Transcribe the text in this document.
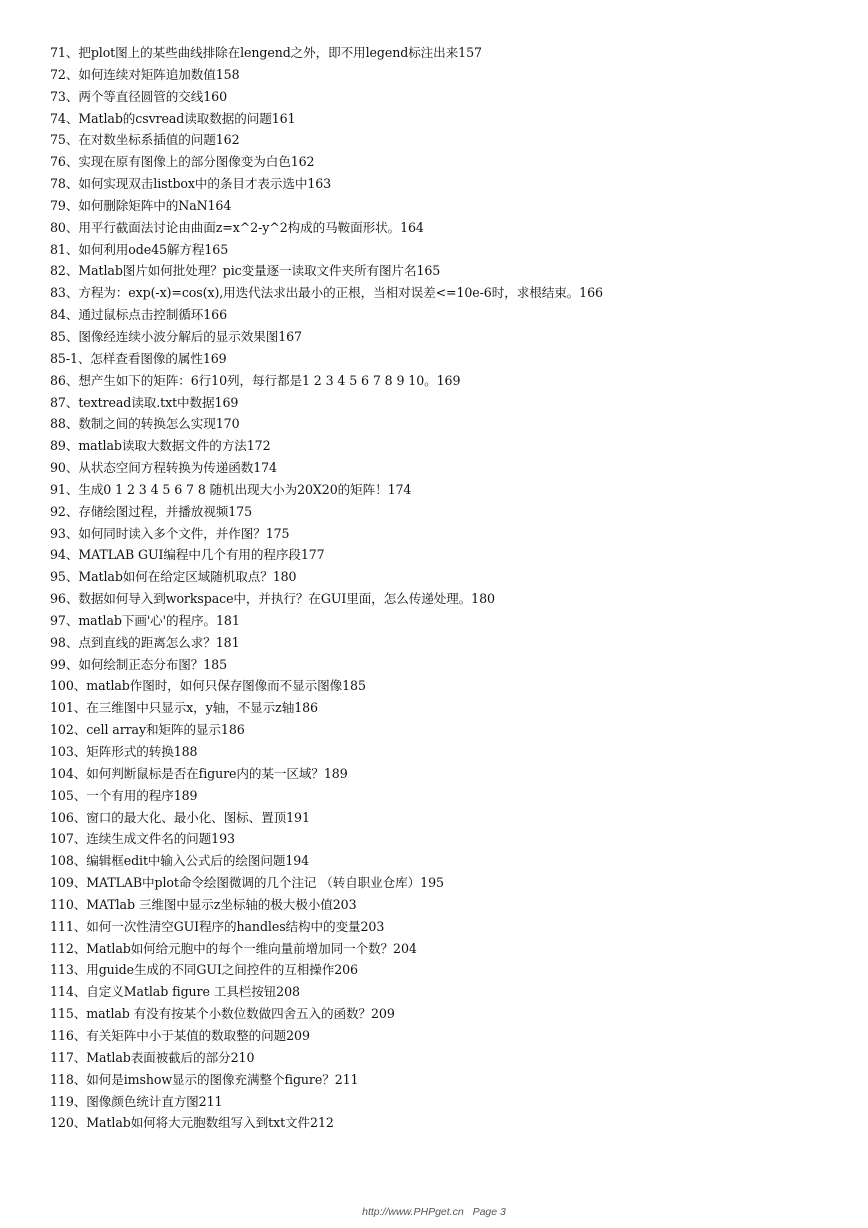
71、把plot图上的某些曲线排除在lengend之外，即不用legend标注出来157
72、如何连续对矩阵追加数值158
73、两个等直径圆管的交线160
74、Matlab的csvread读取数据的问题161
75、在对数坐标系插值的问题162
76、实现在原有图像上的部分图像变为白色162
78、如何实现双击listbox中的条目才表示选中163
79、如何删除矩阵中的NaN164
80、用平行截面法讨论由曲面z=x^2-y^2构成的马鞍面形状。164
81、如何利用ode45解方程165
82、Matlab图片如何批处理？pic变量逐一读取文件夹所有图片名165
83、方程为：exp(-x)=cos(x),用迭代法求出最小的正根，当相对误差<=10e-6时，求根结束。166
84、通过鼠标点击控制循环166
85、图像经连续小波分解后的显示效果图167
85-1、怎样查看图像的属性169
86、想产生如下的矩阵：6行10列，每行都是1 2 3 4 5 6 7 8 9 10。169
87、textread读取.txt中数据169
88、数制之间的转换怎么实现170
89、matlab读取大数据文件的方法172
90、从状态空间方程转换为传递函数174
91、生成0 1 2 3 4 5 6 7 8 随机出现大小为20X20的矩阵！174
92、存储绘图过程，并播放视频175
93、如何同时读入多个文件，并作图？175
94、MATLAB GUI编程中几个有用的程序段177
95、Matlab如何在给定区域随机取点？180
96、数据如何导入到workspace中，并执行？在GUI里面，怎么传递处理。180
97、matlab下画'心'的程序。181
98、点到直线的距离怎么求？181
99、如何绘制正态分布图？185
100、matlab作图时，如何只保存图像而不显示图像185
101、在三维图中只显示x，y轴，不显示z轴186
102、cell array和矩阵的显示186
103、矩阵形式的转换188
104、如何判断鼠标是否在figure内的某一区域？189
105、一个有用的程序189
106、窗口的最大化、最小化、图标、置顶191
107、连续生成文件名的问题193
108、编辑框edit中输入公式后的绘图问题194
109、MATLAB中plot命令绘图微调的几个注记 （转自职业仓库）195
110、MATlab 三维图中显示z坐标轴的极大极小值203
111、如何一次性清空GUI程序的handles结构中的变量203
112、Matlab如何给元胞中的每个一维向量前增加同一个数？204
113、用guide生成的不同GUI之间控件的互相操作206
114、自定义Matlab figure 工具栏按钮208
115、matlab 有没有按某个小数位数做四舍五入的函数？209
116、有关矩阵中小于某值的数取整的问题209
117、Matlab表面被截后的部分210
118、如何是imshow显示的图像充满整个figure？211
119、图像颜色统计直方图211
120、Matlab如何将大元胞数组写入到txt文件212
http://www.PHPget.cn Page 3
